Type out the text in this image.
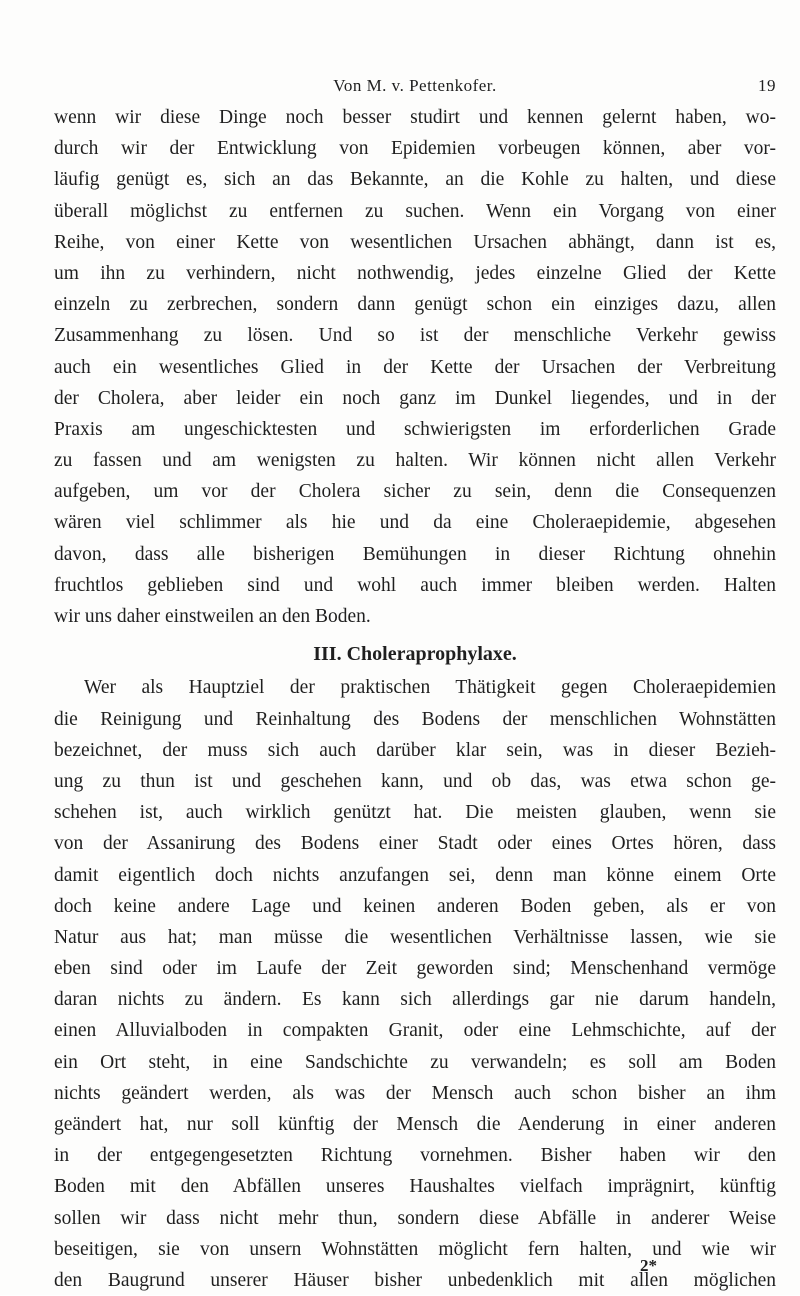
Von M. v. Pettenkofer.	19
wenn wir diese Dinge noch besser studirt und kennen gelernt haben, wo-
durch wir der Entwicklung von Epidemien vorbeugen können, aber vor-
läufig genügt es, sich an das Bekannte, an die Kohle zu halten, und diese
überall möglichst zu entfernen zu suchen. Wenn ein Vorgang von einer
Reihe, von einer Kette von wesentlichen Ursachen abhängt, dann ist es,
um ihn zu verhindern, nicht nothwendig, jedes einzelne Glied der Kette
einzeln zu zerbrechen, sondern dann genügt schon ein einziges dazu, allen
Zusammenhang zu lösen. Und so ist der menschliche Verkehr gewiss
auch ein wesentliches Glied in der Kette der Ursachen der Verbreitung
der Cholera, aber leider ein noch ganz im Dunkel liegendes, und in der
Praxis am ungeschicktesten und schwierigsten im erforderlichen Grade
zu fassen und am wenigsten zu halten. Wir können nicht allen Verkehr
aufgeben, um vor der Cholera sicher zu sein, denn die Consequenzen
wären viel schlimmer als hie und da eine Choleraepidemie, abgesehen
davon, dass alle bisherigen Bemühungen in dieser Richtung ohnehin
fruchtlos geblieben sind und wohl auch immer bleiben werden. Halten
wir uns daher einstweilen an den Boden.
III. Choleraprophylaxe.
Wer als Hauptziel der praktischen Thätigkeit gegen Choleraepidemien
die Reinigung und Reinhaltung des Bodens der menschlichen Wohnstätten
bezeichnet, der muss sich auch darüber klar sein, was in dieser Bezieh-
ung zu thun ist und geschehen kann, und ob das, was etwa schon ge-
schehen ist, auch wirklich genützt hat. Die meisten glauben, wenn sie
von der Assanirung des Bodens einer Stadt oder eines Ortes hören, dass
damit eigentlich doch nichts anzufangen sei, denn man könne einem Orte
doch keine andere Lage und keinen anderen Boden geben, als er von
Natur aus hat; man müsse die wesentlichen Verhältnisse lassen, wie sie
eben sind oder im Laufe der Zeit geworden sind; Menschenhand vermöge
daran nichts zu ändern. Es kann sich allerdings gar nie darum handeln,
einen Alluvialboden in compakten Granit, oder eine Lehmschichte, auf der
ein Ort steht, in eine Sandschichte zu verwandeln; es soll am Boden
nichts geändert werden, als was der Mensch auch schon bisher an ihm
geändert hat, nur soll künftig der Mensch die Aenderung in einer anderen
in der entgegengesetzten Richtung vornehmen. Bisher haben wir den
Boden mit den Abfällen unseres Haushaltes vielfach imprägnirt, künftig
sollen wir dass nicht mehr thun, sondern diese Abfälle in anderer Weise
beseitigen, sie von unsern Wohnstätten möglicht fern halten, und wie wir
den Baugrund unserer Häuser bisher unbedenklich mit allen möglichen
2*
